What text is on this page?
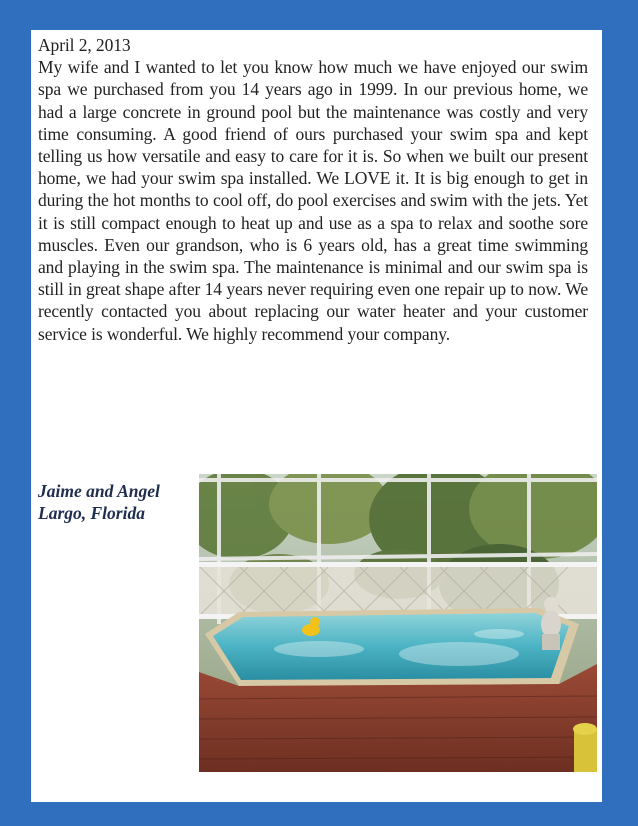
April 2, 2013

My wife and I wanted to let you know how much we have enjoyed our swim spa we purchased from you 14 years ago in 1999. In our previous home, we had a large concrete in ground pool but the maintenance was costly and very time consuming. A good friend of ours purchased your swim spa and kept telling us how versatile and easy to care for it is. So when we built our present home, we had your swim spa installed. We LOVE it. It is big enough to get in during the hot months to cool off, do pool exercises and swim with the jets. Yet it is still compact enough to heat up and use as a spa to relax and soothe sore muscles. Even our grandson, who is 6 years old, has a great time swimming and playing in the swim spa. The maintenance is minimal and our swim spa is still in great shape after 14 years never requiring even one repair up to now. We recently contacted you about replacing our water heater and your customer service is wonderful. We highly recommend your company.

Jaime and Angel
Largo, Florida
